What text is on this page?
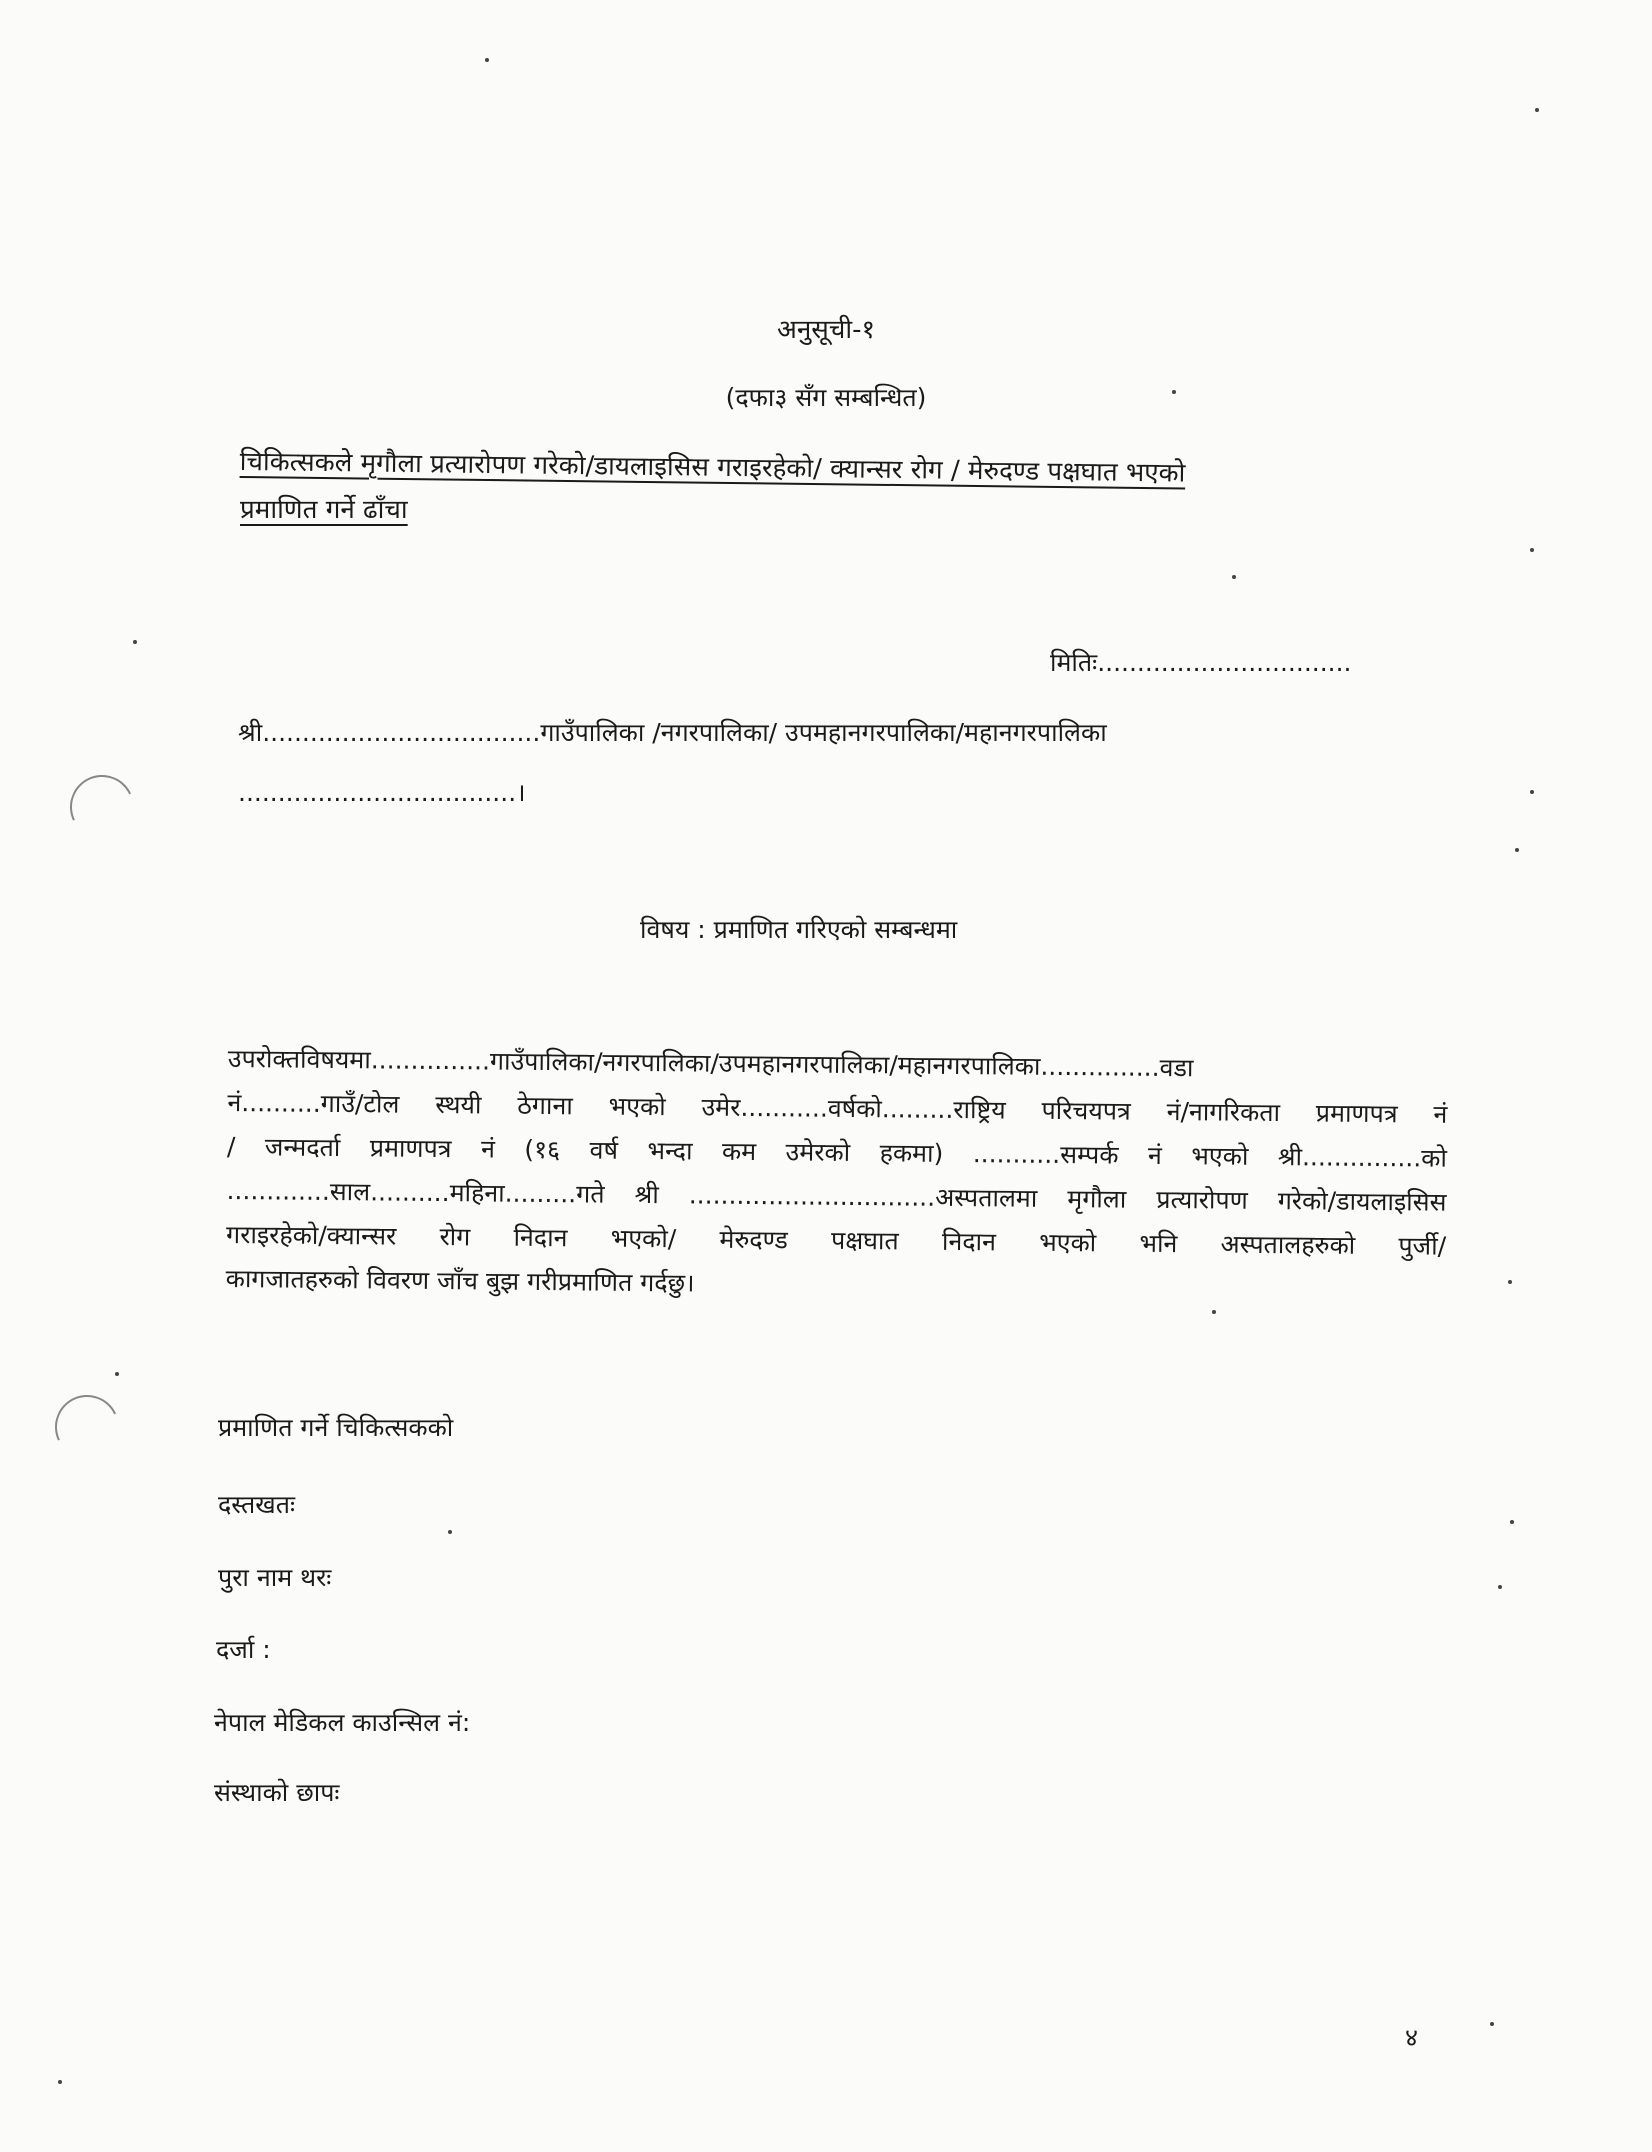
अनुसूची-१
(दफा३ सँग सम्बन्धित)
चिकित्सकले मृगौला प्रत्यारोपण गरेको/डायलाइसिस गराइरहेको/ क्यान्सर रोग / मेरुदण्ड पक्षघात भएको
प्रमाणित गर्ने ढाँचा
मितिः................................
श्री...................................गाउँपालिका /नगरपालिका/ उपमहानगरपालिका/महानगरपालिका
...................................।
विषय : प्रमाणित गरिएको सम्बन्धमा
उपरोक्तविषयमा...............गाउँपालिका/नगरपालिका/उपमहानगरपालिका/महानगरपालिका...............वडा
नं..........गाउँ/टोल स्थयी ठेगाना भएको उमेर...........वर्षको.........राष्ट्रिय परिचयपत्र नं/नागरिकता प्रमाणपत्र नं
/ जन्मदर्ता प्रमाणपत्र नं (१६ वर्ष भन्दा कम उमेरको हकमा) ...........सम्पर्क नं भएको श्री...............को
.............साल..........महिना.........गते श्री ...............................अस्पतालमा मृगौला प्रत्यारोपण गरेको/डायलाइसिस
गराइरहेको/क्यान्सर रोग निदान भएको/ मेरुदण्ड पक्षघात निदान भएको भनि अस्पतालहरुको पुर्जी/
कागजातहरुको विवरण जाँच बुझ गरीप्रमाणित गर्दछु।
प्रमाणित गर्ने चिकित्सकको
दस्तखतः
पुरा नाम थरः
दर्जा :
नेपाल मेडिकल काउन्सिल नं:
संस्थाको छापः
४
